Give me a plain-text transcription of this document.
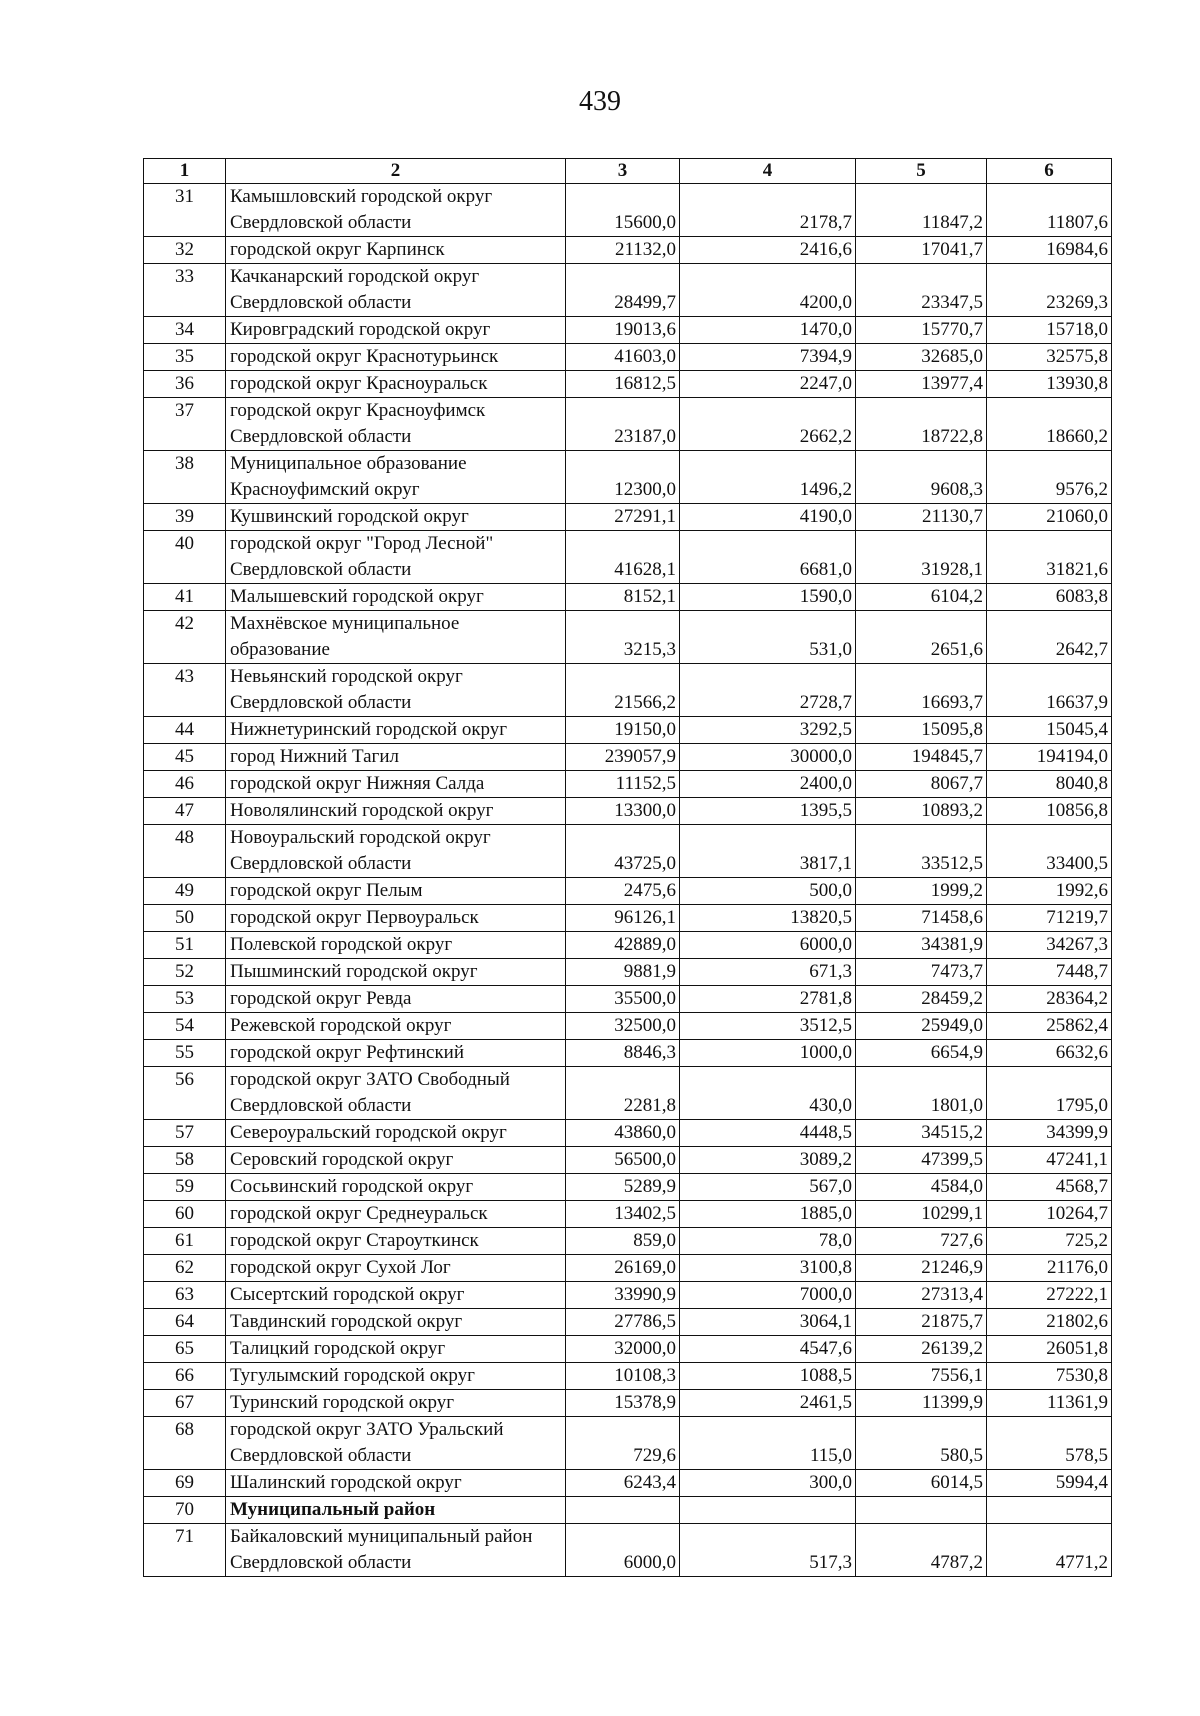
439
1	2	3	4	5	6
31	Камышловский городской округ Свердловской области	15600,0	2178,7	11847,2	11807,6
32	городской округ Карпинск	21132,0	2416,6	17041,7	16984,6
33	Качканарский городской округ Свердловской области	28499,7	4200,0	23347,5	23269,3
34	Кировградский городской округ	19013,6	1470,0	15770,7	15718,0
35	городской округ Краснотурьинск	41603,0	7394,9	32685,0	32575,8
36	городской округ Красноуральск	16812,5	2247,0	13977,4	13930,8
37	городской округ Красноуфимск Свердловской области	23187,0	2662,2	18722,8	18660,2
38	Муниципальное образование Красноуфимский округ	12300,0	1496,2	9608,3	9576,2
39	Кушвинский городской округ	27291,1	4190,0	21130,7	21060,0
40	городской округ "Город Лесной" Свердловской области	41628,1	6681,0	31928,1	31821,6
41	Малышевский городской округ	8152,1	1590,0	6104,2	6083,8
42	Махнёвское муниципальное образование	3215,3	531,0	2651,6	2642,7
43	Невьянский городской округ Свердловской области	21566,2	2728,7	16693,7	16637,9
44	Нижнетуринский городской округ	19150,0	3292,5	15095,8	15045,4
45	город Нижний Тагил	239057,9	30000,0	194845,7	194194,0
46	городской округ Нижняя Салда	11152,5	2400,0	8067,7	8040,8
47	Новолялинский городской округ	13300,0	1395,5	10893,2	10856,8
48	Новоуральский городской округ Свердловской области	43725,0	3817,1	33512,5	33400,5
49	городской округ Пелым	2475,6	500,0	1999,2	1992,6
50	городской округ Первоуральск	96126,1	13820,5	71458,6	71219,7
51	Полевской городской округ	42889,0	6000,0	34381,9	34267,3
52	Пышминский городской округ	9881,9	671,3	7473,7	7448,7
53	городской округ Ревда	35500,0	2781,8	28459,2	28364,2
54	Режевской городской округ	32500,0	3512,5	25949,0	25862,4
55	городской округ Рефтинский	8846,3	1000,0	6654,9	6632,6
56	городской округ ЗАТО Свободный Свердловской области	2281,8	430,0	1801,0	1795,0
57	Североуральский городской округ	43860,0	4448,5	34515,2	34399,9
58	Серовский городской округ	56500,0	3089,2	47399,5	47241,1
59	Сосьвинский городской округ	5289,9	567,0	4584,0	4568,7
60	городской округ Среднеуральск	13402,5	1885,0	10299,1	10264,7
61	городской округ Староуткинск	859,0	78,0	727,6	725,2
62	городской округ Сухой Лог	26169,0	3100,8	21246,9	21176,0
63	Сысертский городской округ	33990,9	7000,0	27313,4	27222,1
64	Тавдинский городской округ	27786,5	3064,1	21875,7	21802,6
65	Талицкий городской округ	32000,0	4547,6	26139,2	26051,8
66	Тугулымский городской округ	10108,3	1088,5	7556,1	7530,8
67	Туринский городской округ	15378,9	2461,5	11399,9	11361,9
68	городской округ ЗАТО Уральский Свердловской области	729,6	115,0	580,5	578,5
69	Шалинский городской округ	6243,4	300,0	6014,5	5994,4
70	Муниципальный район				
71	Байкаловский муниципальный район Свердловской области	6000,0	517,3	4787,2	4771,2
